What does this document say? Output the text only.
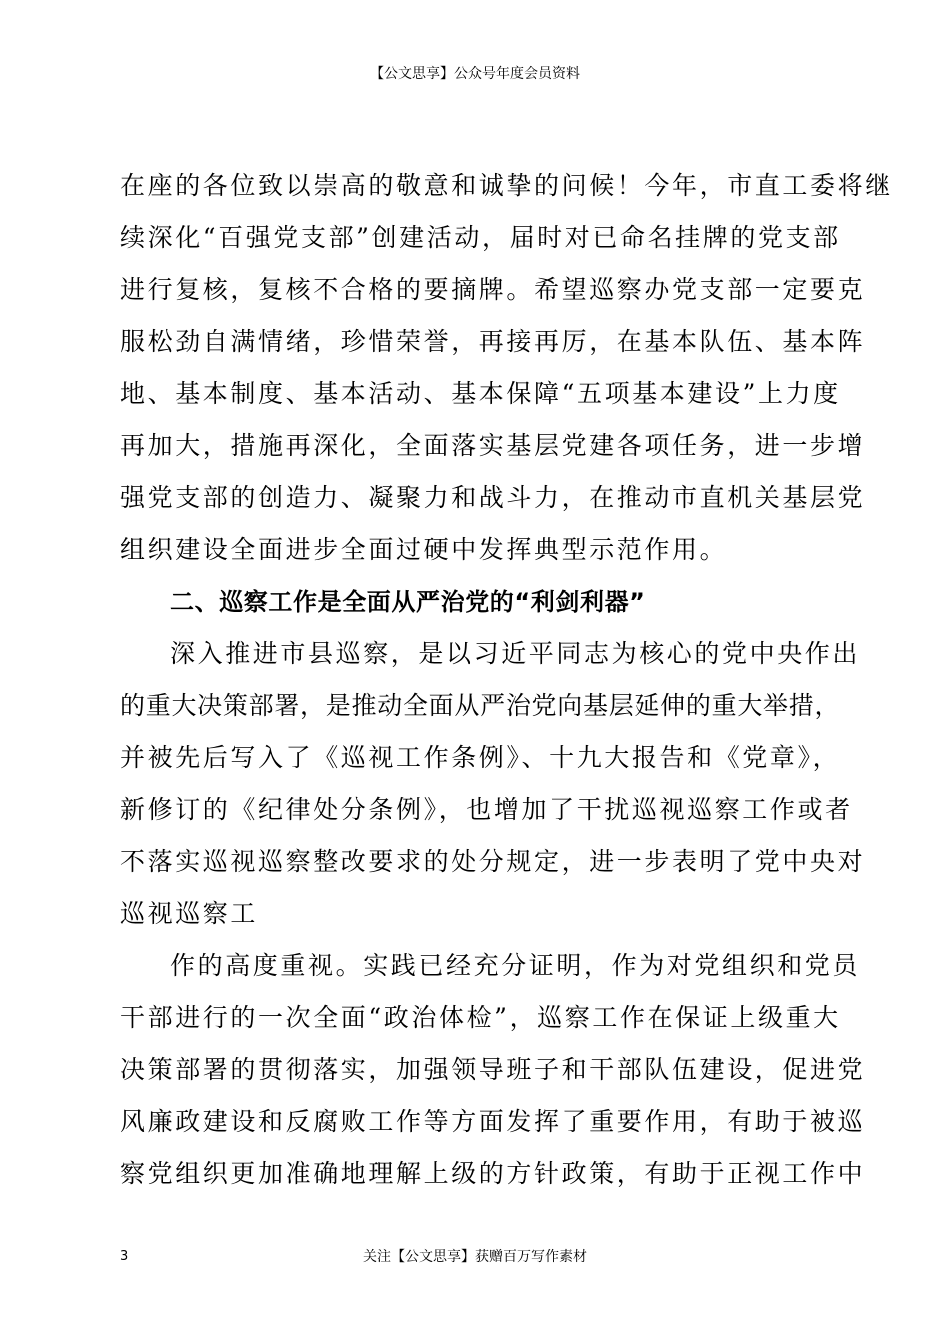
【公文思享】公众号年度会员资料
在座的各位致以崇高的敬意和诚挚的问候！今年，市直工委将继
续深化“百强党支部”创建活动，届时对已命名挂牌的党支部
进行复核，复核不合格的要摘牌。希望巡察办党支部一定要克
服松劲自满情绪，珍惜荣誉，再接再厉，在基本队伍、基本阵
地、基本制度、基本活动、基本保障“五项基本建设”上力度
再加大，措施再深化，全面落实基层党建各项任务，进一步增
强党支部的创造力、凝聚力和战斗力，在推动市直机关基层党
组织建设全面进步全面过硬中发挥典型示范作用。
二、巡察工作是全面从严治党的“利剑利器”
深入推进市县巡察，是以习近平同志为核心的党中央作出
的重大决策部署，是推动全面从严治党向基层延伸的重大举措，
并被先后写入了《巡视工作条例》、十九大报告和《党章》，
新修订的《纪律处分条例》，也增加了干扰巡视巡察工作或者
不落实巡视巡察整改要求的处分规定，进一步表明了党中央对
巡视巡察工
作的高度重视。实践已经充分证明，作为对党组织和党员
干部进行的一次全面“政治体检”，巡察工作在保证上级重大
决策部署的贯彻落实，加强领导班子和干部队伍建设，促进党
风廉政建设和反腐败工作等方面发挥了重要作用，有助于被巡
察党组织更加准确地理解上级的方针政策，有助于正视工作中
3	关注【公文思享】获赠百万写作素材
